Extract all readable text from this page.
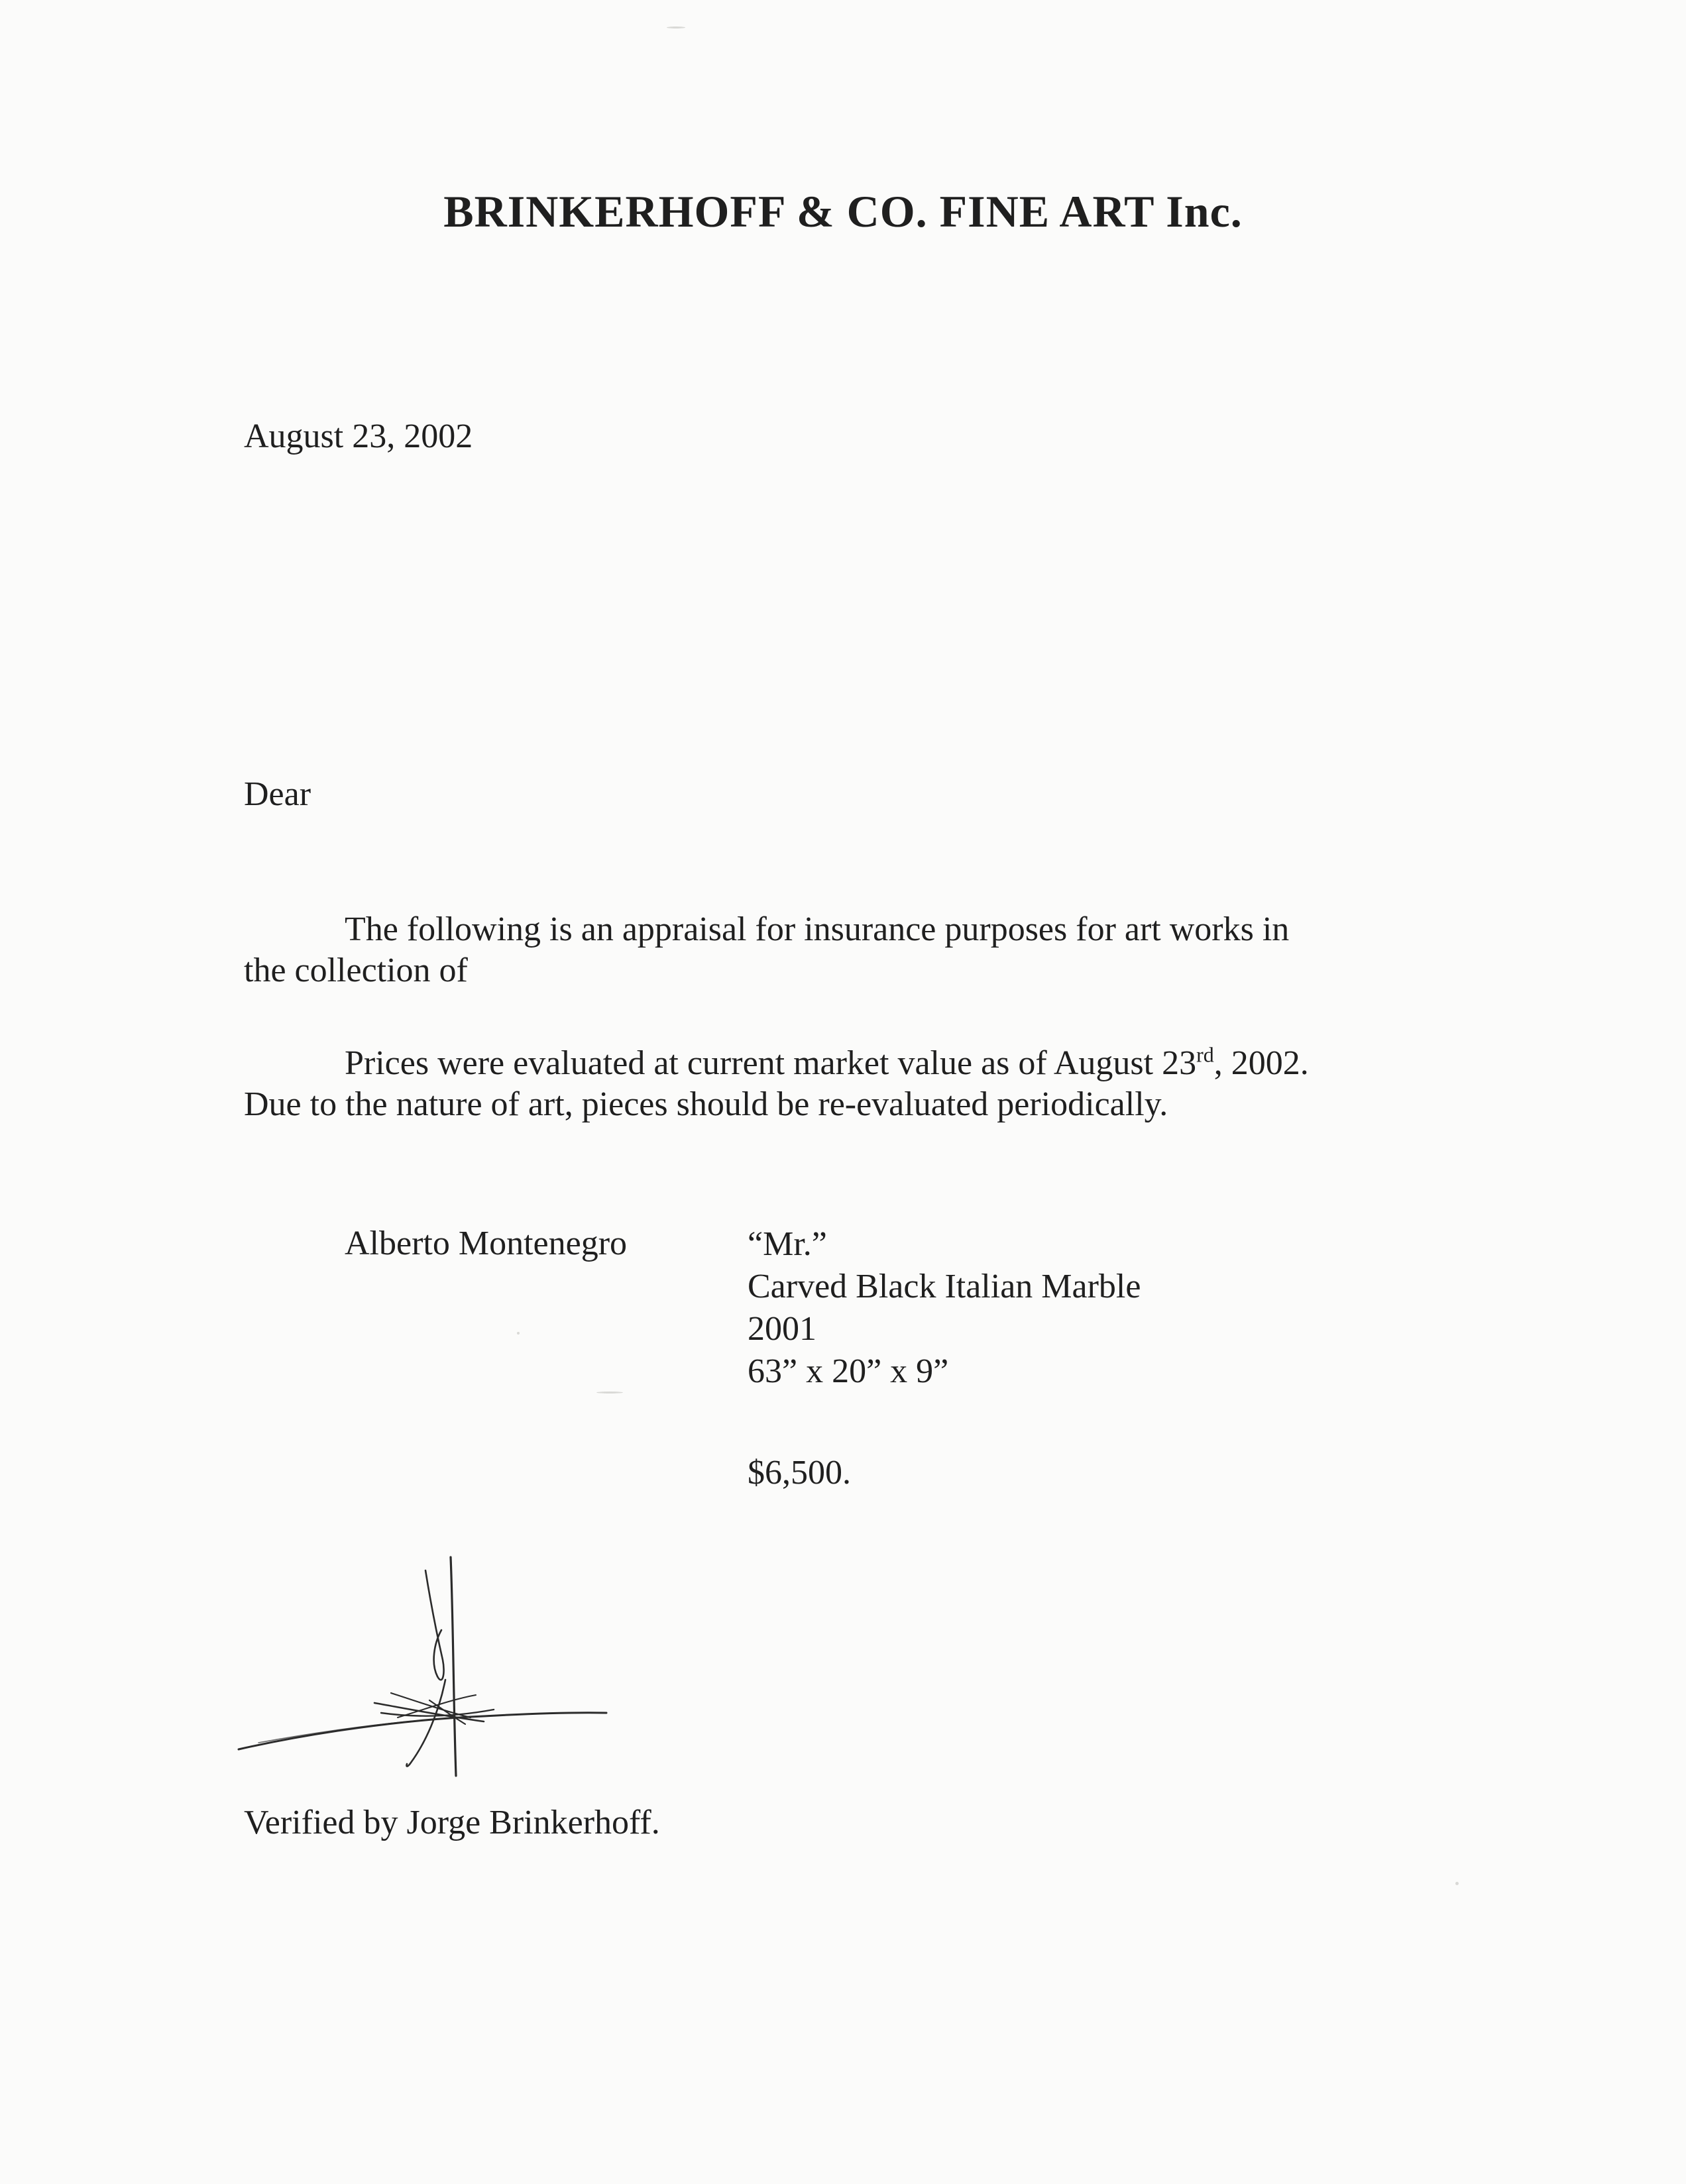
BRINKERHOFF & CO. FINE ART Inc.

August 23, 2002

Dear

The following is an appraisal for insurance purposes for art works in
the collection of
Prices were evaluated at current market value as of August 23rd, 2002.
Due to the nature of art, pieces should be re-evaluated periodically.

Alberto Montenegro	“Mr.”
Carved Black Italian Marble
2001
63” x 20” x 9”

$6,500.

Verified by Jorge Brinkerhoff.
